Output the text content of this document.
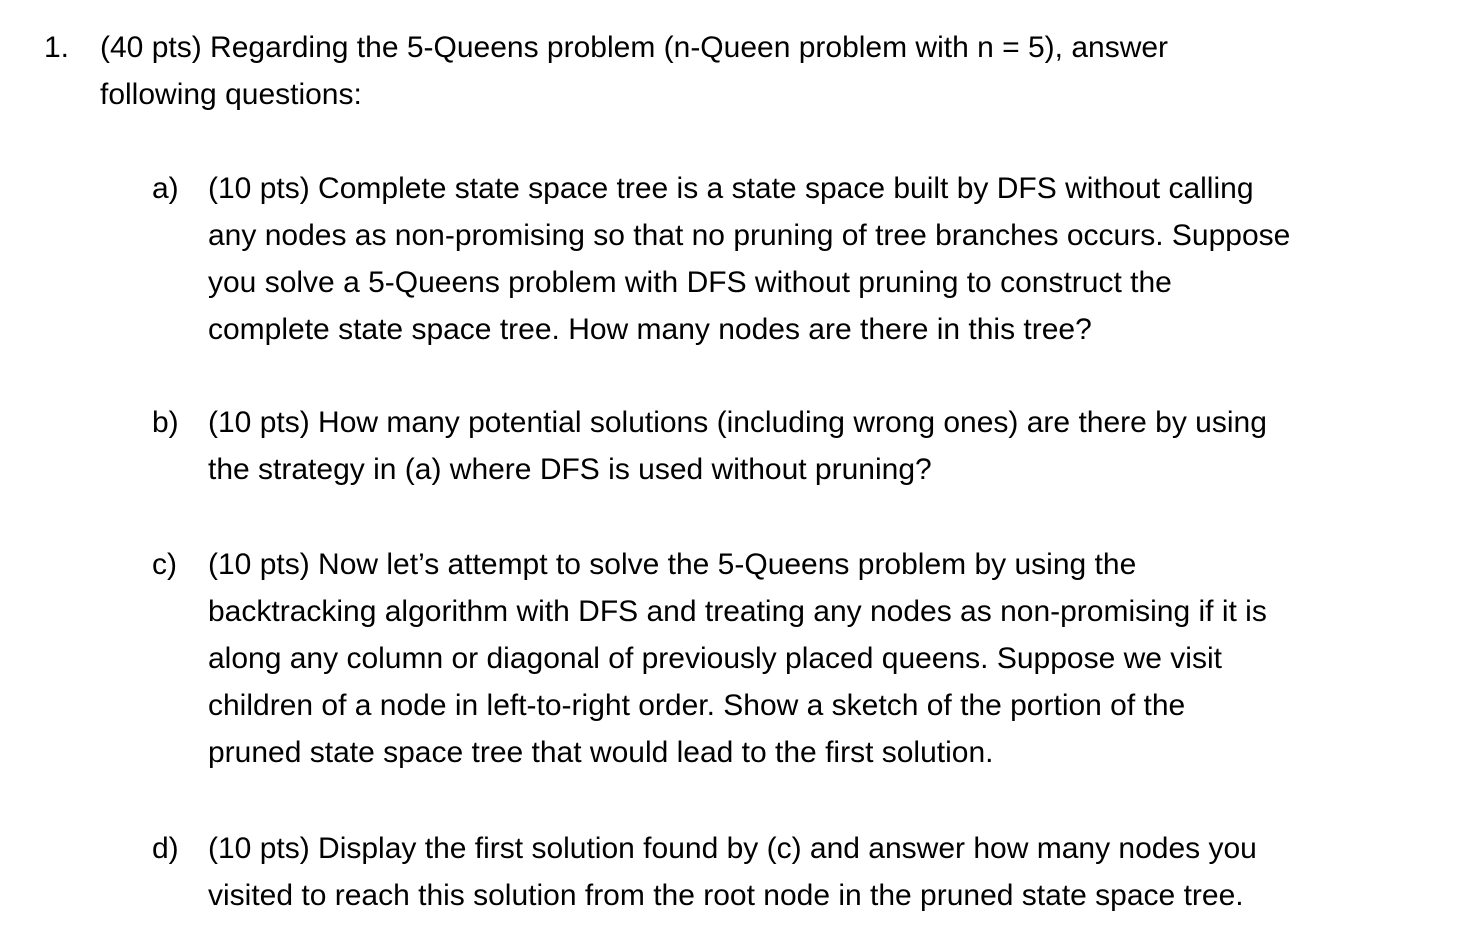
1. (40 pts) Regarding the 5-Queens problem (n-Queen problem with n = 5), answer
following questions:
a) (10 pts) Complete state space tree is a state space built by DFS without calling
any nodes as non-promising so that no pruning of tree branches occurs. Suppose
you solve a 5-Queens problem with DFS without pruning to construct the
complete state space tree. How many nodes are there in this tree?
b) (10 pts) How many potential solutions (including wrong ones) are there by using
the strategy in (a) where DFS is used without pruning?
c)	(10 pts) Now let’s attempt to solve the 5-Queens problem by using the
backtracking algorithm with DFS and treating any nodes as non-promising if it is
along any column or diagonal of previously placed queens. Suppose we visit
children of a node in left-to-right order. Show a sketch of the portion of the
pruned state space tree that would lead to the first solution.
d) (10 pts) Display the first solution found by (c) and answer how many nodes you
visited to reach this solution from the root node in the pruned state space tree.
